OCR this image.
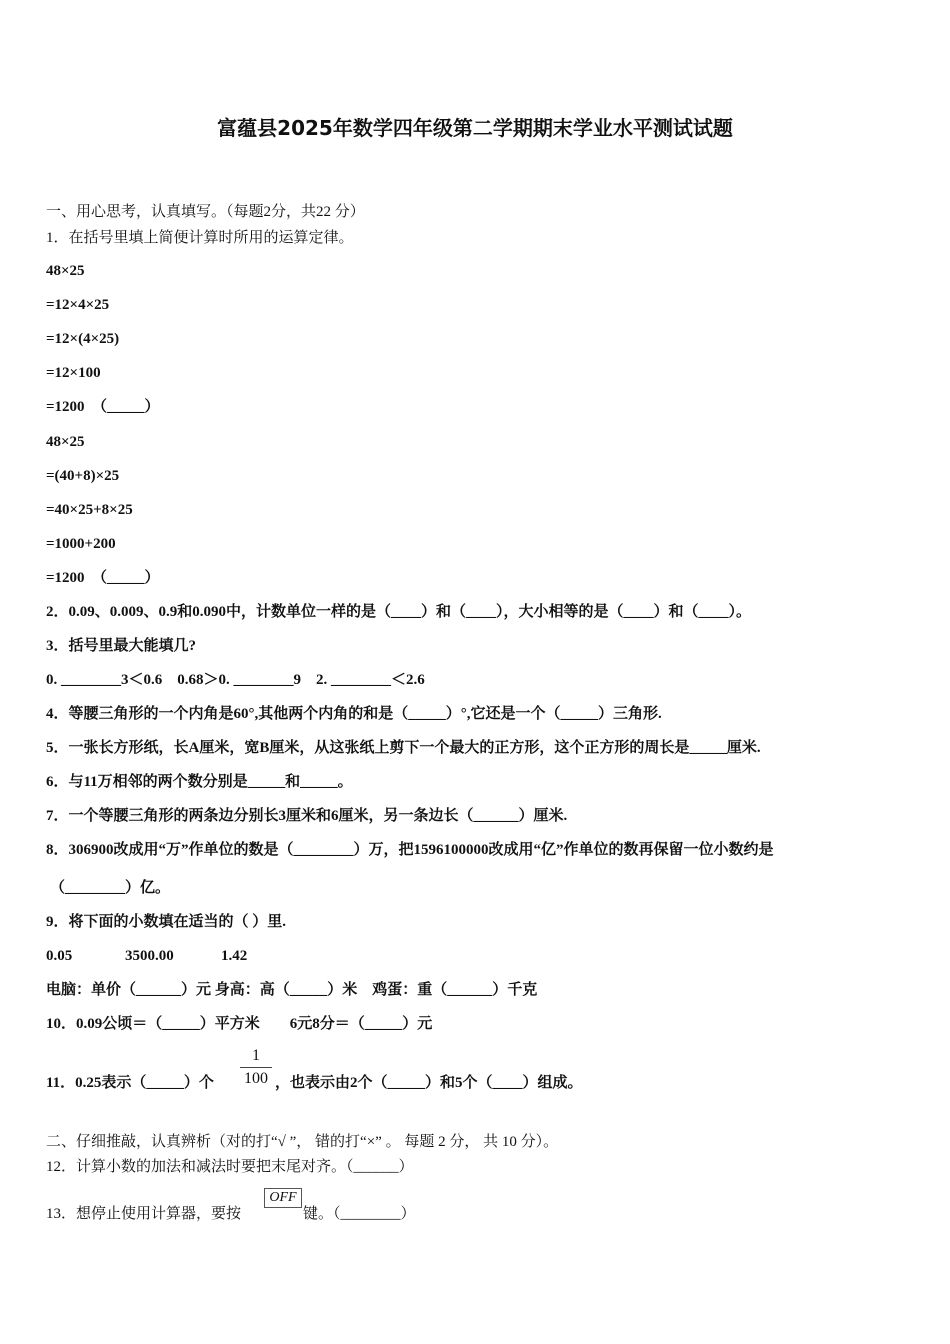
富蕴县2025年数学四年级第二学期期末学业水平测试试题
一、用心思考，认真填写。（每题2分，共22 分）
1．在括号里填上简便计算时所用的运算定律。
48×25
=12×4×25
=12×(4×25)
=12×100
=1200　（_____）
48×25
=(40+8)×25
=40×25+8×25
=1000+200
=1200　（_____）
2．0.09、0.009、0.9和0.090中，计数单位一样的是（____）和（____），大小相等的是（____）和（____）。
3．括号里最大能填几?
0. ________3＜0.6　0.68＞0. ________9　2. ________＜2.6
4．等腰三角形的一个内角是60°,其他两个内角的和是（_____）°,它还是一个（_____）三角形.
5．一张长方形纸，长A厘米，宽B厘米，从这张纸上剪下一个最大的正方形，这个正方形的周长是_____厘米.
6．与11万相邻的两个数分别是_____和_____。
7．一个等腰三角形的两条边分别长3厘米和6厘米，另一条边长（______）厘米.
8．306900改成用“万”作单位的数是（________）万，把1596100000改成用“亿”作单位的数再保留一位小数约是
（________）亿。
9．将下面的小数填在适当的（ ）里.
0.05	3500.00	1.42
电脑：单价（______）元 身高：高（_____）米　鸡蛋：重（______）千克
10．0.09公顷＝（_____）平方米　　6元8分＝（_____）元
11．0.25表示（_____）个
1
100 ，也表示由2个（_____）和5个（____）组成。
二、仔细推敲，认真辨析（对的打“√ ”， 错的打“×” 。 每题 2 分， 共 10 分）。
12．计算小数的加法和减法时要把末尾对齐。（______）
13．想停止使用计算器，要按
OFF
键。（________）
